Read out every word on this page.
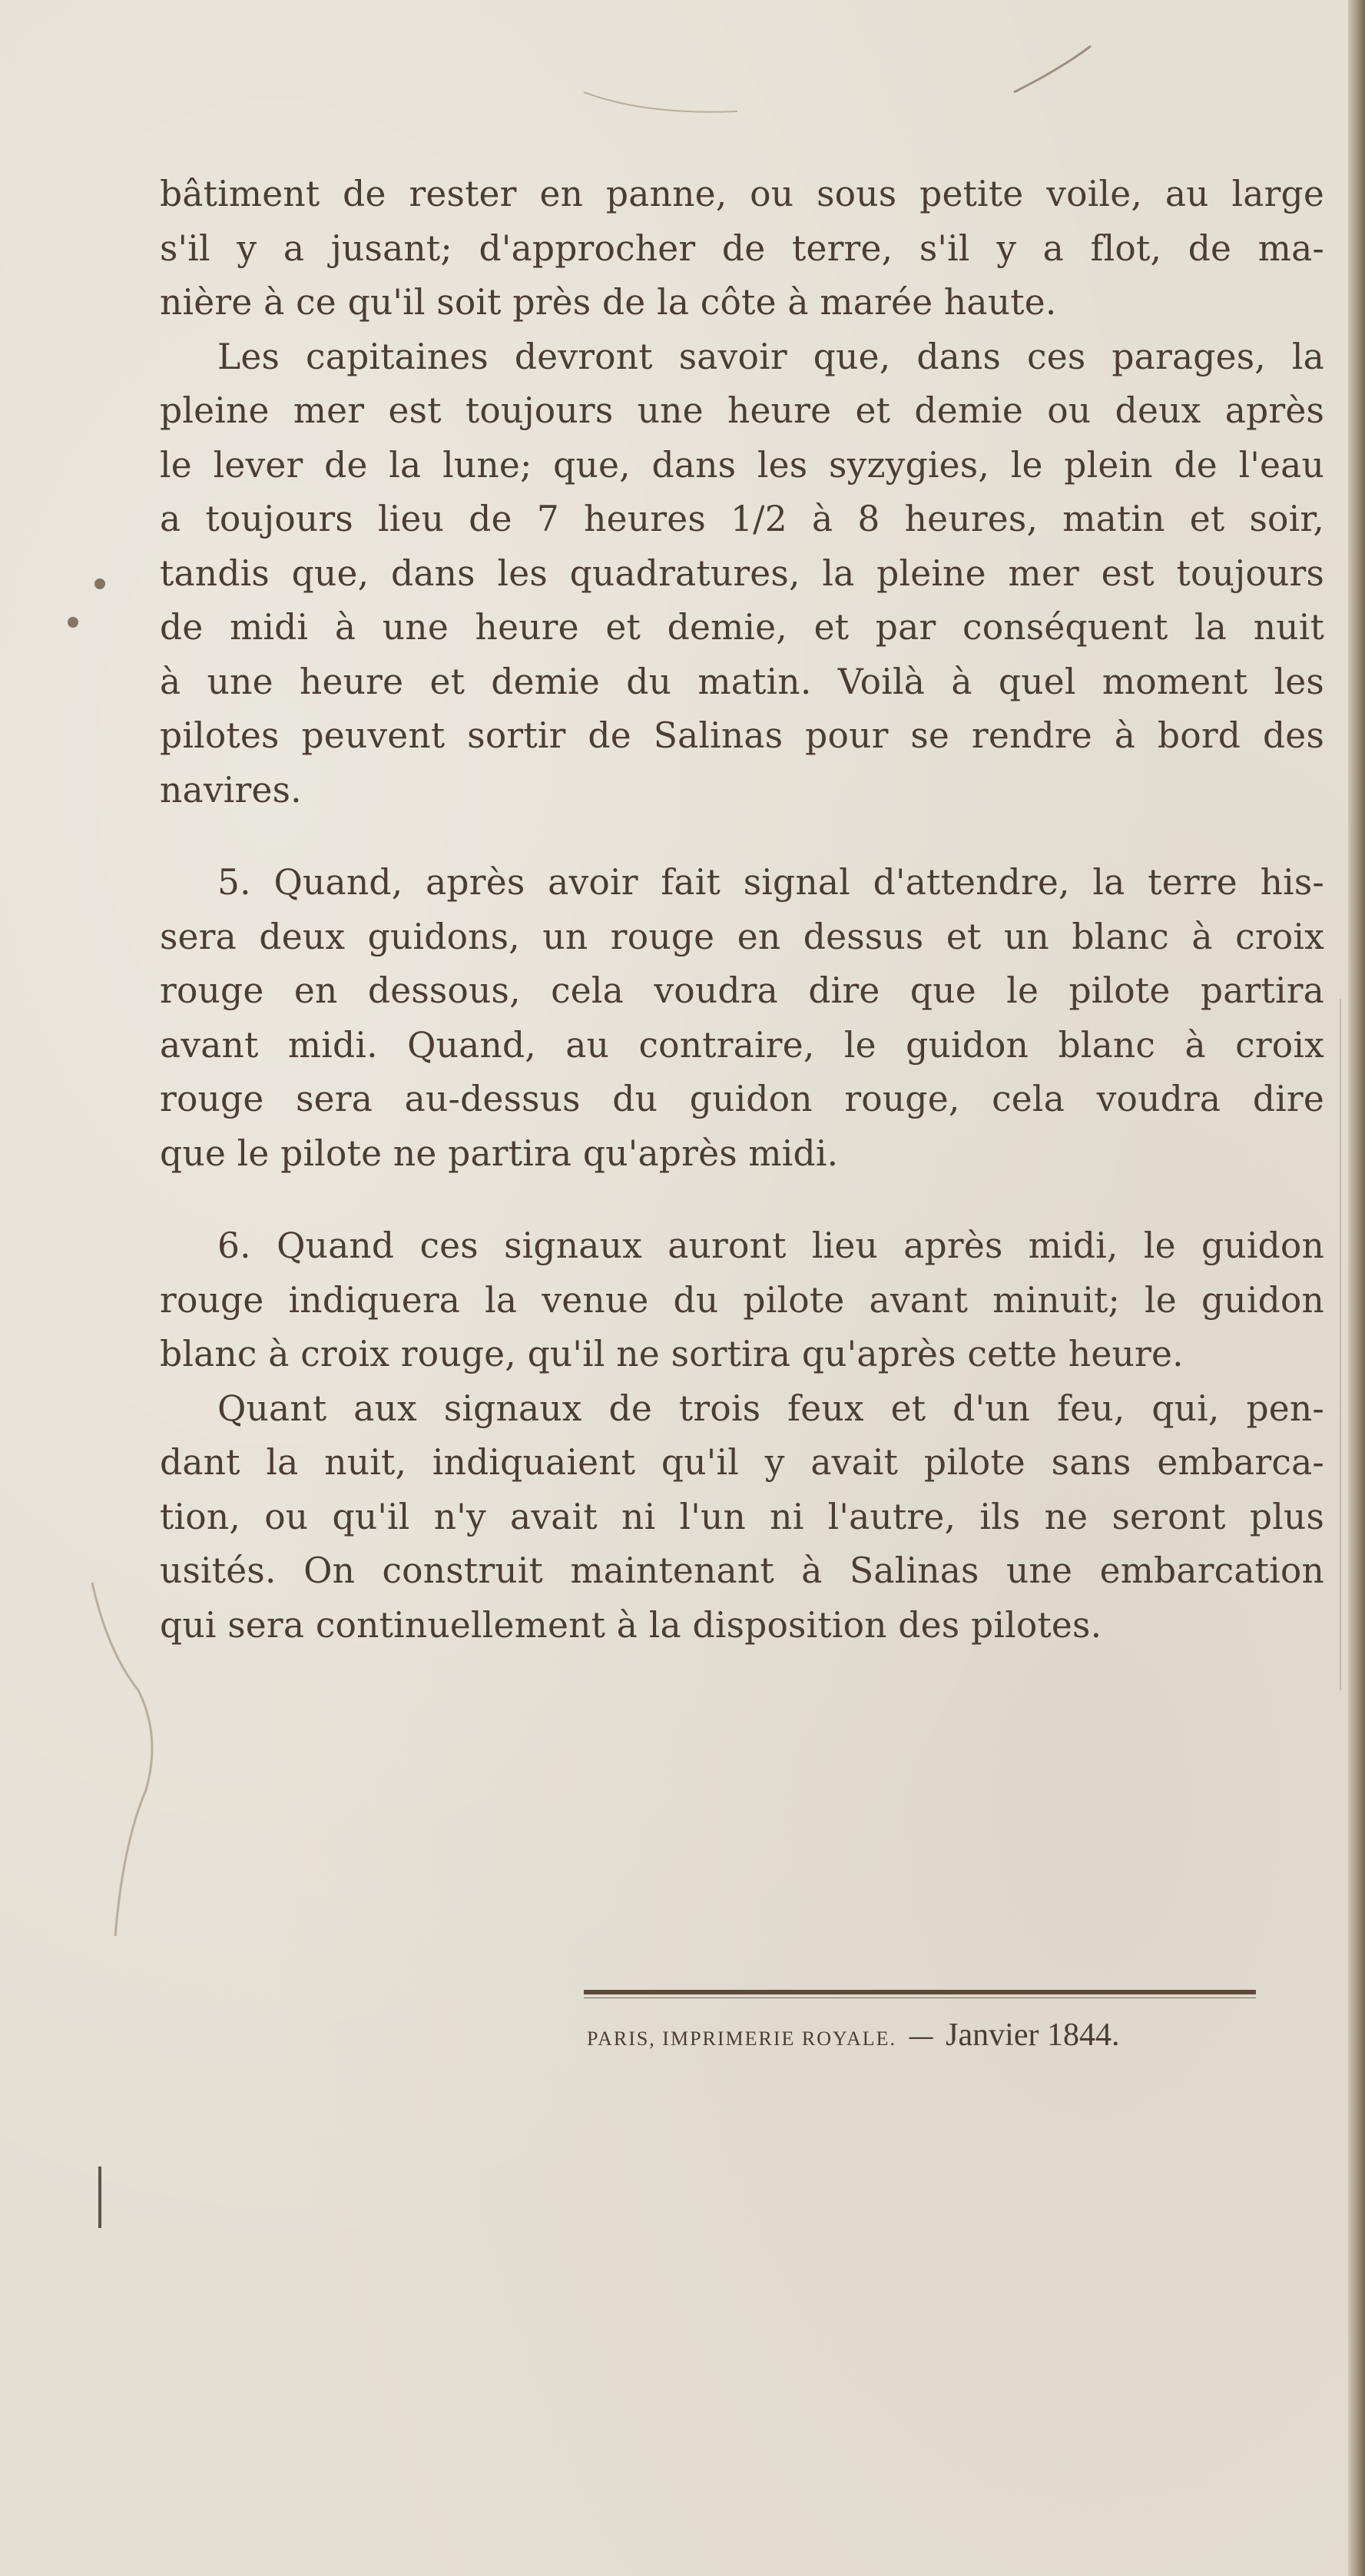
bâtiment de rester en panne, ou sous petite voile, au large
s'il y a jusant; d'approcher de terre, s'il y a flot, de ma-

nière à ce qu'il soit près de la côte à marée haute.

Les capitaines devront savoir que, dans ces parages, la
pleine mer est toujours une heure et demie ou deux après
le lever de la lune; que, dans les syzygies, le plein de l'eau
a toujours lieu de 7 heures 1/2 à 8 heures, matin et soir,
tandis que, dans les quadratures, la pleine mer est toujours
de midi à une heure et demie, et par conséquent la nuit
à une heure et demie du matin. Voilà à quel moment les
pilotes peuvent sortir de Salinas pour se rendre à bord des

navires.

5. Quand, après avoir fait signal d'attendre, la terre his-
sera deux guidons, un rouge en dessus et un blanc à croix
rouge en dessous, cela voudra dire que le pilote partira
avant midi. Quand, au contraire, le guidon blanc à croix
rouge sera au-dessus du guidon rouge, cela voudra dire

que le pilote ne partira qu'après midi.

6. Quand ces signaux auront lieu après midi, le guidon
rouge indiquera la venue du pilote avant minuit; le guidon

blanc à croix rouge, qu'il ne sortira qu'après cette heure.

Quant aux signaux de trois feux et d'un feu, qui, pen-
dant la nuit, indiquaient qu'il y avait pilote sans embarca-
tion, ou qu'il n'y avait ni l'un ni l'autre, ils ne seront plus
usités. On construit maintenant à Salinas une embarcation

qui sera continuellement à la disposition des pilotes.

PARIS, IMPRIMERIE ROYALE. — Janvier 1844.
